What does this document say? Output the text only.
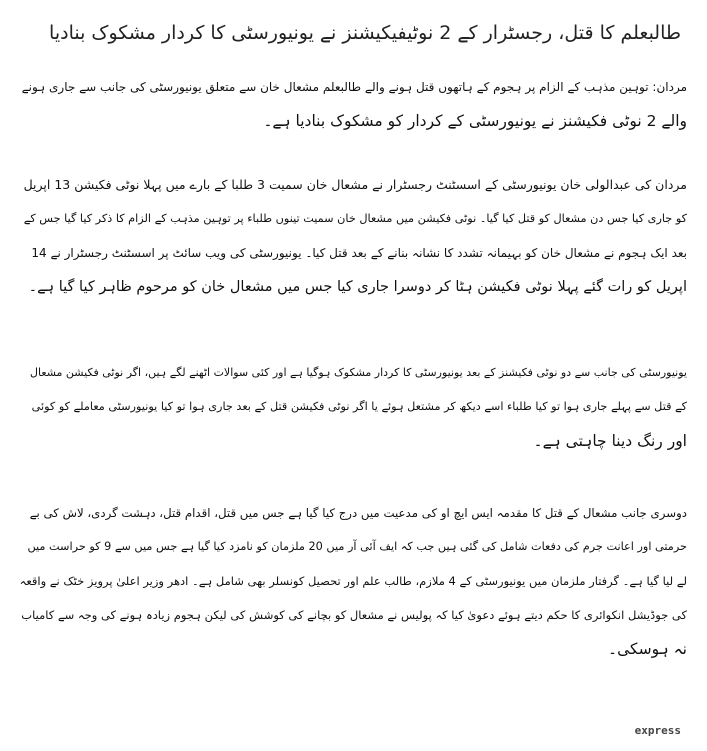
طالبعلم کا قتل، رجسٹرار کے 2 نوٹیفیکیشنز نے یونیورسٹی کا کردار مشکوک بنادیا
مردان: توہین مذہب کے الزام پر ہجوم کے ہاتھوں قتل ہونے والے طالبعلم مشعال خان سے متعلق یونیورسٹی کی جانب سے جاری ہونے
والے 2 نوٹی فکیشنز نے یونیورسٹی کے کردار کو مشکوک بنادیا ہے۔
مردان کی عبدالولی خان یونیورسٹی کے اسسٹنٹ رجسٹرار نے مشعال خان سمیت 3 طلبا کے بارے میں پہلا نوٹی فکیشن 13 اپریل
کو جاری کیا جس دن مشعال کو قتل کیا گیا۔ نوٹی فکیشن میں مشعال خان سمیت تینوں طلباء پر توہین مذہب کے الزام کا ذکر کیا گیا جس کے
بعد ایک ہجوم نے مشعال خان کو بہیمانہ تشدد کا نشانہ بنانے کے بعد قتل کیا۔ یونیورسٹی کی ویب سائٹ پر اسسٹنٹ رجسٹرار نے 14
اپریل کو رات گئے پہلا نوٹی فکیشن ہٹا کر دوسرا جاری کیا جس میں مشعال خان کو مرحوم ظاہر کیا گیا ہے۔
یونیورسٹی کی جانب سے دو نوٹی فکیشنز کے بعد یونیورسٹی کا کردار مشکوک ہوگیا ہے اور کئی سوالات اٹھنے لگے ہیں، اگر نوٹی فکیشن مشعال
کے قتل سے پہلے جاری ہوا تو کیا طلباء اسے دیکھ کر مشتعل ہوئے یا اگر نوٹی فکیشن قتل کے بعد جاری ہوا تو کیا یونیورسٹی معاملے کو کوئی
اور رنگ دینا چاہتی ہے۔
دوسری جانب مشعال کے قتل کا مقدمہ ایس ایچ او کی مدعیت میں درج کیا گیا ہے جس میں قتل، اقدام قتل، دہشت گردی، لاش کی بے
حرمتی اور اعانت جرم کی دفعات شامل کی گئی ہیں جب کہ ایف آئی آر میں 20 ملزمان کو نامزد کیا گیا ہے جس میں سے 9 کو حراست میں
لے لیا گیا ہے۔ گرفتار ملزمان میں یونیورسٹی کے 4 ملازم، طالب علم اور تحصیل کونسلر بھی شامل ہے۔ ادھر وزیر اعلیٰ پرویز خٹک نے واقعہ
کی جوڈیشل انکوائری کا حکم دیتے ہوئے دعویٰ کیا کہ پولیس نے مشعال کو بچانے کی کوشش کی لیکن ہجوم زیادہ ہونے کی وجہ سے کامیاب
نہ ہوسکی۔
express
